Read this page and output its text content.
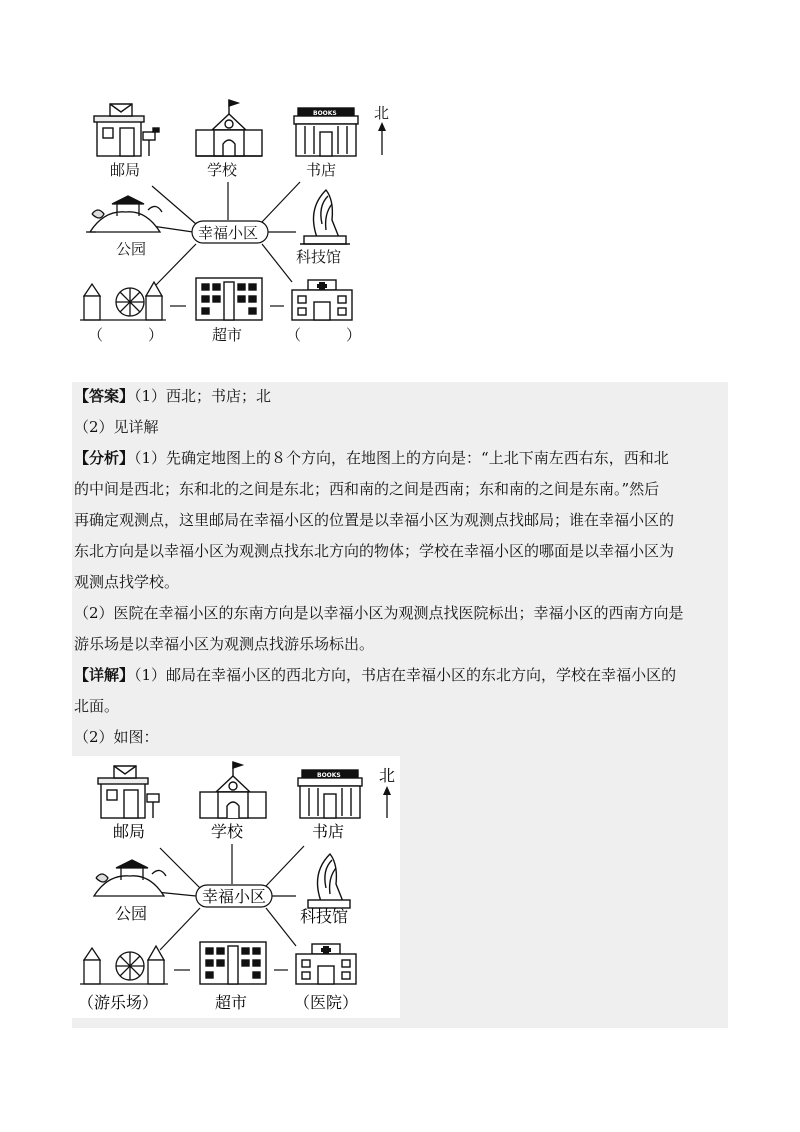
北
邮局	学校
BOOKS
书店
公园
幸福小区
科技馆
（　　　）	超市	（　　　）
【答案】（1）西北；书店；北
（2）见详解
【分析】（1）先确定地图上的８个方向，在地图上的方向是：“上北下南左西右东，西和北
的中间是西北；东和北的之间是东北；西和南的之间是西南；东和南的之间是东南。”然后
再确定观测点，这里邮局在幸福小区的位置是以幸福小区为观测点找邮局；谁在幸福小区的
东北方向是以幸福小区为观测点找东北方向的物体；学校在幸福小区的哪面是以幸福小区为
观测点找学校。
（2）医院在幸福小区的东南方向是以幸福小区为观测点找医院标出；幸福小区的西南方向是
游乐场是以幸福小区为观测点找游乐场标出。
【详解】（1）邮局在幸福小区的西北方向，书店在幸福小区的东北方向，学校在幸福小区的
北面。
（2）如图：
北
邮局	学校
BOOKS
书店
公园
幸福小区
科技馆
（游乐场）	超市	（医院）
